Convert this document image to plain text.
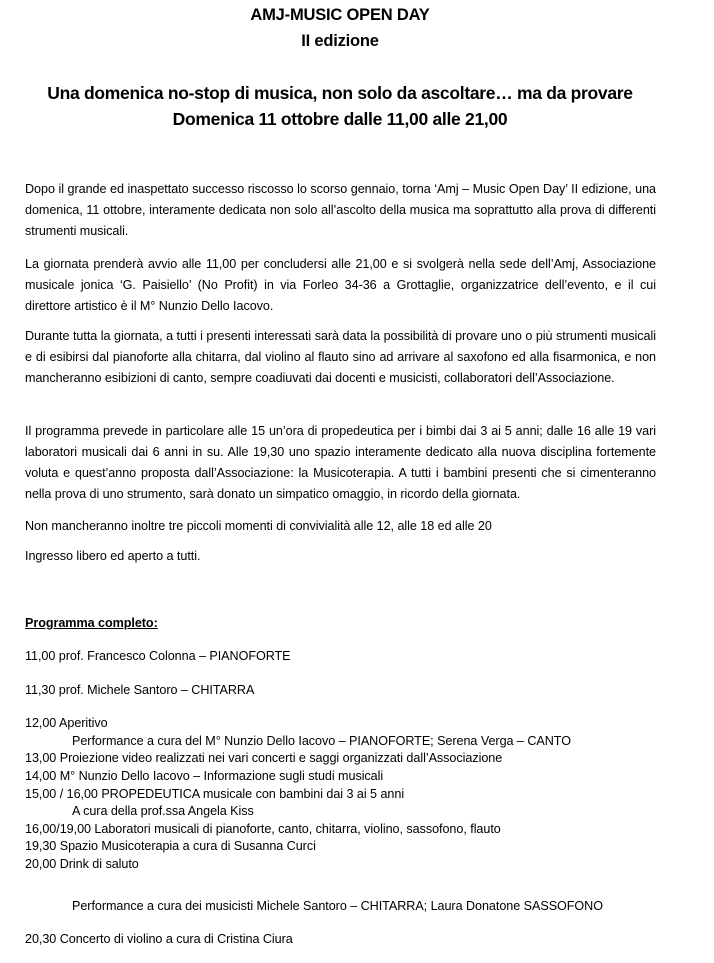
AMJ-MUSIC OPEN DAY
II edizione
Una domenica no-stop di musica, non solo da ascoltare… ma da provare
Domenica 11 ottobre dalle 11,00 alle 21,00
Dopo il grande ed inaspettato successo riscosso lo scorso gennaio, torna ‘Amj – Music Open Day’ II edizione, una domenica, 11 ottobre, interamente dedicata non solo all’ascolto della musica ma soprattutto alla prova di differenti strumenti musicali.
La giornata prenderà avvio alle 11,00 per concludersi alle 21,00 e si svolgerà nella sede dell’Amj, Associazione musicale jonica ‘G. Paisiello’ (No Profit) in via Forleo 34-36 a Grottaglie, organizzatrice dell’evento, e il cui direttore artistico è il M° Nunzio Dello Iacovo.
Durante tutta la giornata, a tutti i presenti interessati sarà data la possibilità di provare uno o più strumenti musicali e di esibirsi dal pianoforte alla chitarra, dal violino al flauto sino ad arrivare al saxofono ed alla fisarmonica, e non mancheranno esibizioni di canto, sempre coadiuvati dai docenti e musicisti, collaboratori dell’Associazione.
Il programma prevede in particolare alle 15 un’ora di propedeutica per i bimbi dai 3 ai 5 anni; dalle 16 alle 19 vari laboratori musicali dai 6 anni in su. Alle 19,30 uno spazio interamente dedicato alla nuova disciplina fortemente voluta e quest’anno proposta dall’Associazione: la Musicoterapia. A tutti i bambini presenti che si cimenteranno nella prova di uno strumento, sarà donato un simpatico omaggio, in ricordo della giornata.
Non mancheranno inoltre tre piccoli momenti di convivialità alle 12, alle 18 ed alle 20
Ingresso libero ed aperto a tutti.
Programma completo:
11,00 prof. Francesco Colonna – PIANOFORTE
11,30 prof. Michele Santoro – CHITARRA
12,00 Aperitivo
Performance a cura del M° Nunzio Dello Iacovo – PIANOFORTE; Serena Verga – CANTO
13,00 Proiezione video realizzati nei vari concerti e saggi organizzati dall’Associazione
14,00 M° Nunzio Dello Iacovo – Informazione sugli studi musicali
15,00 / 16,00 PROPEDEUTICA musicale con bambini dai 3 ai 5 anni
A cura della prof.ssa Angela Kiss
16,00/19,00 Laboratori musicali di pianoforte, canto, chitarra, violino, sassofono, flauto
19,30 Spazio Musicoterapia a cura di Susanna Curci
20,00 Drink di saluto
Performance a cura dei musicisti Michele Santoro – CHITARRA; Laura Donatone SASSOFONO
20,30 Concerto di violino a cura di Cristina Ciura
